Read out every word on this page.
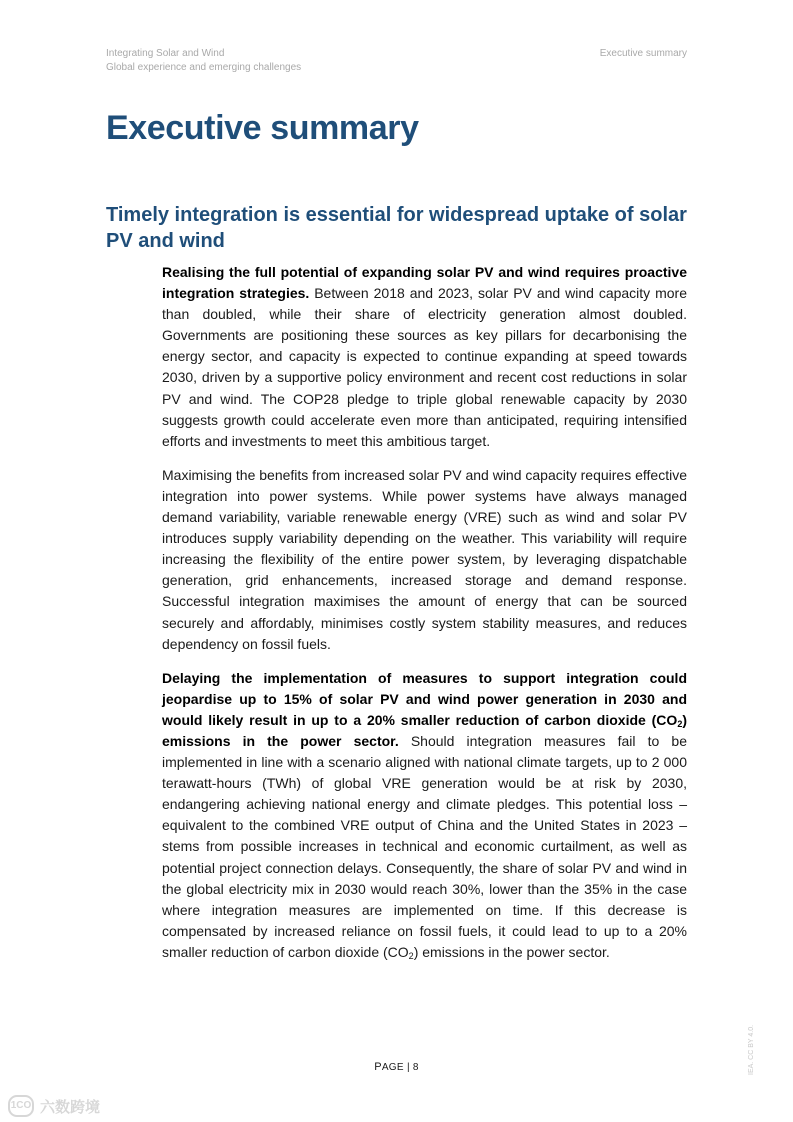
Integrating Solar and Wind
Global experience and emerging challenges
Executive summary
Executive summary
Timely integration is essential for widespread uptake of solar PV and wind

Realising the full potential of expanding solar PV and wind requires proactive integration strategies. Between 2018 and 2023, solar PV and wind capacity more than doubled, while their share of electricity generation almost doubled. Governments are positioning these sources as key pillars for decarbonising the energy sector, and capacity is expected to continue expanding at speed towards 2030, driven by a supportive policy environment and recent cost reductions in solar PV and wind. The COP28 pledge to triple global renewable capacity by 2030 suggests growth could accelerate even more than anticipated, requiring intensified efforts and investments to meet this ambitious target.

Maximising the benefits from increased solar PV and wind capacity requires effective integration into power systems. While power systems have always managed demand variability, variable renewable energy (VRE) such as wind and solar PV introduces supply variability depending on the weather. This variability will require increasing the flexibility of the entire power system, by leveraging dispatchable generation, grid enhancements, increased storage and demand response. Successful integration maximises the amount of energy that can be sourced securely and affordably, minimises costly system stability measures, and reduces dependency on fossil fuels.

Delaying the implementation of measures to support integration could jeopardise up to 15% of solar PV and wind power generation in 2030 and would likely result in up to a 20% smaller reduction of carbon dioxide $(CO_2)$ emissions in the power sector. Should integration measures fail to be implemented in line with a scenario aligned with national climate targets, up to 2 000 terawatt-hours (TWh) of global VRE generation would be at risk by 2030, endangering achieving national energy and climate pledges. This potential loss – equivalent to the combined VRE output of China and the United States in 2023 – stems from possible increases in technical and economic curtailment, as well as potential project connection delays. Consequently, the share of solar PV and wind in the global electricity mix in 2030 would reach 30%, lower than the 35% in the case where integration measures are implemented on time. If this decrease is compensated by increased reliance on fossil fuels, it could lead to up to a 20% smaller reduction of carbon dioxide $(CO_2)$ emissions in the power sector.

PAGE | 8	IEA. CC BY 4.0.
1CO 六数跨境
